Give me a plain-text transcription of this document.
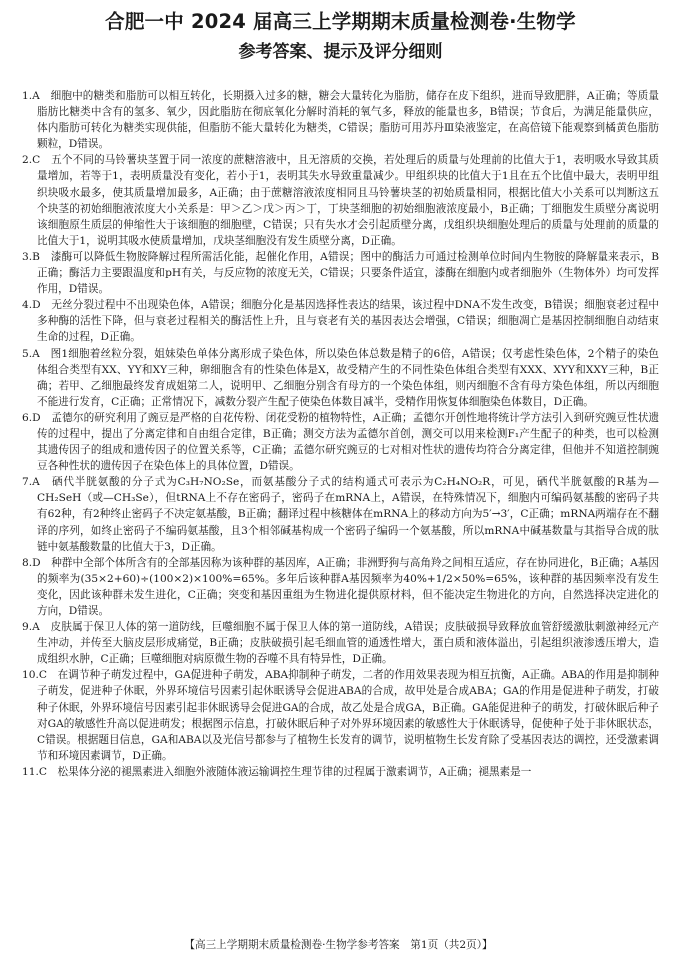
合肥一中 2024 届高三上学期期末质量检测卷·生物学
参考答案、提示及评分细则

1.A　细胞中的糖类和脂肪可以相互转化，长期摄入过多的糖，糖会大量转化为脂肪，储存在皮下组织，进而导致肥胖，A正确；等质量脂肪比糖类中含有的氢多、氧少，因此脂肪在彻底氧化分解时消耗的氧气多，释放的能量也多，B错误；节食后，为满足能量供应，体内脂肪可转化为糖类实现供能，但脂肪不能大量转化为糖类，C错误；脂肪可用苏丹Ⅲ染液鉴定，在高倍镜下能观察到橘黄色脂肪颗粒，D错误。

2.C　五个不同的马铃薯块茎置于同一浓度的蔗糖溶液中，且无溶质的交换，若处理后的质量与处理前的比值大于1，表明吸水导致其质量增加，若等于1，表明质量没有变化，若小于1，表明其失水导致重量减少。甲组织块的比值大于1且在五个比值中最大，表明甲组织块吸水最多，使其质量增加最多，A正确；由于蔗糖溶液浓度相同且马铃薯块茎的初始质量相同，根据比值大小关系可以判断这五个块茎的初始细胞液浓度大小关系是：甲＞乙＞戊＞丙＞丁，丁块茎细胞的初始细胞液浓度最小，B正确；丁细胞发生质壁分离说明该细胞原生质层的伸缩性大于该细胞的细胞壁，C错误；只有失水才会引起质壁分离，戊组织块细胞处理后的质量与处理前的质量的比值大于1，说明其吸水使质量增加，戊块茎细胞没有发生质壁分离，D正确。

3.B　漆酶可以降低生物胺降解过程所需活化能，起催化作用，A错误；图中的酶活力可通过检测单位时间内生物胺的降解量来表示，B正确；酶活力主要跟温度和pH有关，与反应物的浓度无关，C错误；只要条件适宜，漆酶在细胞内或者细胞外（生物体外）均可发挥作用，D错误。

4.D　无丝分裂过程中不出现染色体，A错误；细胞分化是基因选择性表达的结果，该过程中DNA不发生改变，B错误；细胞衰老过程中多种酶的活性下降，但与衰老过程相关的酶活性上升，且与衰老有关的基因表达会增强，C错误；细胞凋亡是基因控制细胞自动结束生命的过程，D正确。

5.A　图1细胞着丝粒分裂，姐妹染色单体分离形成子染色体，所以染色体总数是精子的6倍，A错误；仅考虑性染色体，2个精子的染色体组合类型有XX、YY和XY三种，卵细胞含有的性染色体是X，故受精产生的不同性染色体组合类型有XXX、XYY和XXY三种，B正确；若甲、乙细胞最终发育成姐第二人，说明甲、乙细胞分别含有母方的一个染色体组，则丙细胞不含有母方染色体组，所以丙细胞不能进行发育，C正确；正常情况下，减数分裂产生配子使染色体数目减半，受精作用恢复体细胞染色体数目，D正确。

6.D　孟德尔的研究利用了豌豆是严格的自花传粉、闭花受粉的植物特性，A正确；孟德尔开创性地将统计学方法引入到研究豌豆性状遗传的过程中，提出了分离定律和自由组合定律，B正确；测交方法为孟德尔首创，测交可以用来检测F₁产生配子的种类，也可以检测其遗传因子的组成和遗传因子的位置关系等，C正确；孟德尔研究豌豆的七对相对性状的遗传均符合分离定律，但他并不知道控制豌豆各种性状的遗传因子在染色体上的具体位置，D错误。

7.A　硒代半胱氨酸的分子式为C₃H₇NO₂Se，而氨基酸分子式的结构通式可表示为C₂H₄NO₂R，可见，硒代半胱氨酸的R基为—CH₂SeH（或—CH₃Se），但tRNA上不存在密码子，密码子在mRNA上，A错误，在特殊情况下，细胞内可编码氨基酸的密码子共有62种，有2种终止密码子不决定氨基酸，B正确；翻译过程中核糖体在mRNA上的移动方向为5′→3′，C正确；mRNA两端存在不翻译的序列，如终止密码子不编码氨基酸，且3个相邻碱基构成一个密码子编码一个氨基酸，所以mRNA中碱基数量与其指导合成的肽链中氨基酸数量的比值大于3，D正确。

8.D　种群中全部个体所含有的全部基因称为该种群的基因库，A正确；非洲野狗与高角羚之间相互适应，存在协同进化，B正确；A基因的频率为(35×2+60)÷(100×2)×100%=65%。多年后该种群A基因频率为40%+1/2×50%=65%，该种群的基因频率没有发生变化，因此该种群未发生进化，C正确；突变和基因重组为生物进化提供原材料，但不能决定生物进化的方向，自然选择决定进化的方向，D错误。

9.A　皮肤属于保卫人体的第一道防线，巨噬细胞不属于保卫人体的第一道防线，A错误；皮肤破损导致释放血管舒缓激肽刺激神经元产生冲动，并传至大脑皮层形成痛觉，B正确；皮肤破损引起毛细血管的通透性增大，蛋白质和液体溢出，引起组织液渗透压增大，造成组织水肿，C正确；巨噬细胞对病原微生物的吞噬不具有特异性，D正确。

10.C　在调节种子萌发过程中，GA促进种子萌发，ABA抑制种子萌发，二者的作用效果表现为相互抗衡，A正确。ABA的作用是抑制种子萌发，促进种子休眠，外界环境信号因素引起休眠诱导会促进ABA的合成，故甲处是合成ABA；GA的作用是促进种子萌发，打破种子休眠，外界环境信号因素引起非休眠诱导会促进GA的合成，故乙处是合成GA，B正确。GA能促进种子的萌发，打破休眠后种子对GA的敏感性升高以促进萌发；根据图示信息，打破休眠后种子对外界环境因素的敏感性大于休眠诱导，促使种子处于非休眠状态，C错误。根据题目信息，GA和ABA以及光信号都参与了植物生长发育的调节，说明植物生长发育除了受基因表达的调控，还受激素调节和环境因素调节，D正确。

11.C　松果体分泌的褪黑素进入细胞外液随体液运输调控生理节律的过程属于激素调节，A正确；褪黑素是一

【高三上学期期末质量检测卷·生物学参考答案　第1页（共2页）】
